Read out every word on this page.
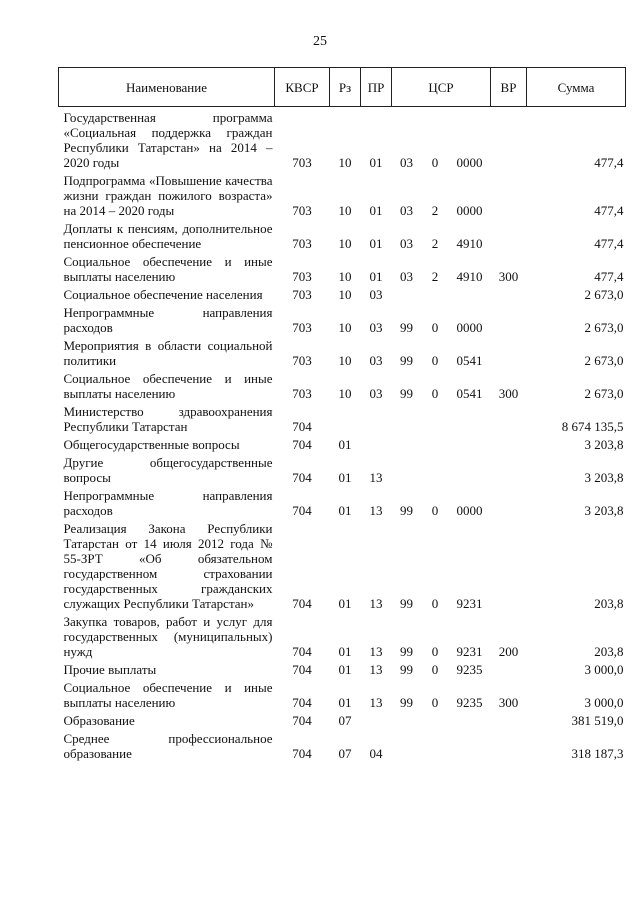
25
Наименование	КВСР	Рз	ПР	ЦСР			ВР	Сумма
Государственная программа «Социальная поддержка граждан Республики Татарстан» на 2014 – 2020 годы	703	10	01	03	0	0000		477,4
Подпрограмма «Повышение качества жизни граждан пожилого возраста» на 2014 – 2020 годы	703	10	01	03	2	0000		477,4
Доплаты к пенсиям, дополнительное пенсионное обеспечение	703	10	01	03	2	4910		477,4
Социальное обеспечение и иные выплаты населению	703	10	01	03	2	4910	300	477,4
Социальное обеспечение населения	703	10	03					2 673,0
Непрограммные направления расходов	703	10	03	99	0	0000		2 673,0
Мероприятия в области социальной политики	703	10	03	99	0	0541		2 673,0
Социальное обеспечение и иные выплаты населению	703	10	03	99	0	0541	300	2 673,0
Министерство здравоохранения Республики Татарстан	704							8 674 135,5
Общегосударственные вопросы	704	01						3 203,8
Другие общегосударственные вопросы	704	01	13					3 203,8
Непрограммные направления расходов	704	01	13	99	0	0000		3 203,8
Реализация Закона Республики Татарстан от 14 июля 2012 года № 55-ЗРТ «Об обязательном государственном страховании государственных гражданских служащих Республики Татарстан»	704	01	13	99	0	9231		203,8
Закупка товаров, работ и услуг для государственных (муниципальных) нужд	704	01	13	99	0	9231	200	203,8
Прочие выплаты	704	01	13	99	0	9235		3 000,0
Социальное обеспечение и иные выплаты населению	704	01	13	99	0	9235	300	3 000,0
Образование	704	07						381 519,0
Среднее профессиональное образование	704	07	04					318 187,3
